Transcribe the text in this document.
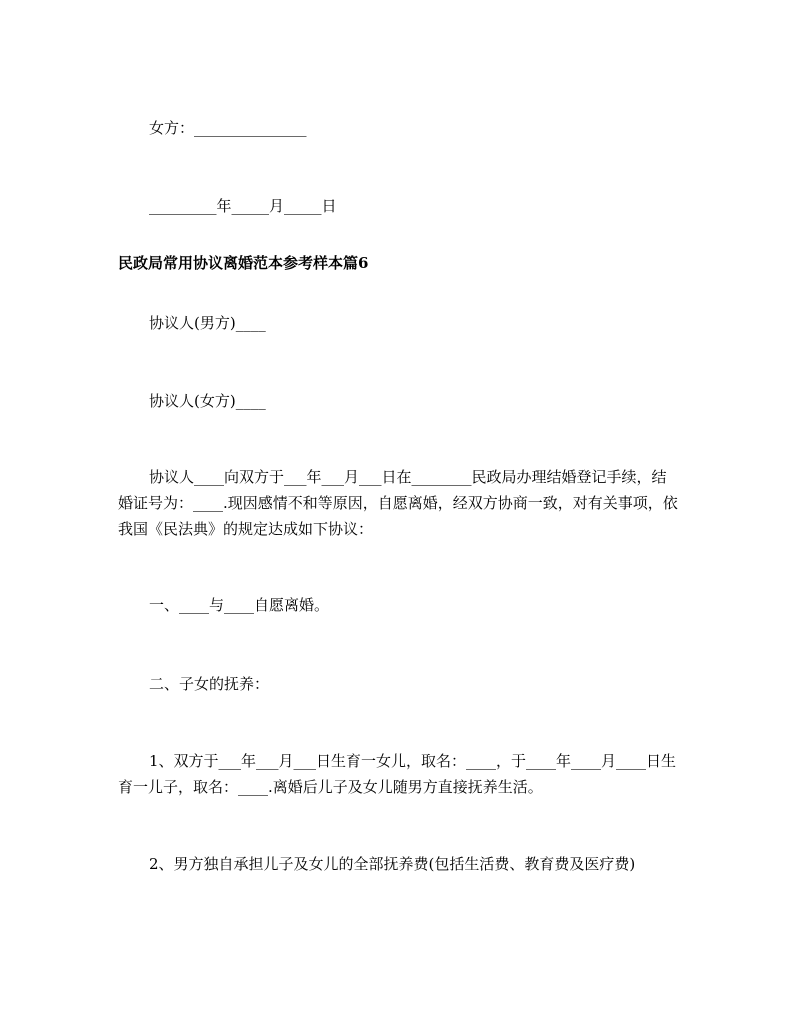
女方：_______________
_________年_____月_____日
民政局常用协议离婚范本参考样本篇6
协议人(男方)____
协议人(女方)____
协议人____向双方于___年___月___日在________民政局办理结婚登记手续，结婚证号为：____.现因感情不和等原因，自愿离婚，经双方协商一致，对有关事项，依我国《民法典》的规定达成如下协议：
一、____与____自愿离婚。
二、子女的抚养：
1、双方于___年___月___日生育一女儿，取名：____，于____年____月____日生育一儿子，取名：____.离婚后儿子及女儿随男方直接抚养生活。
2、男方独自承担儿子及女儿的全部抚养费(包括生活费、教育费及医疗费)
